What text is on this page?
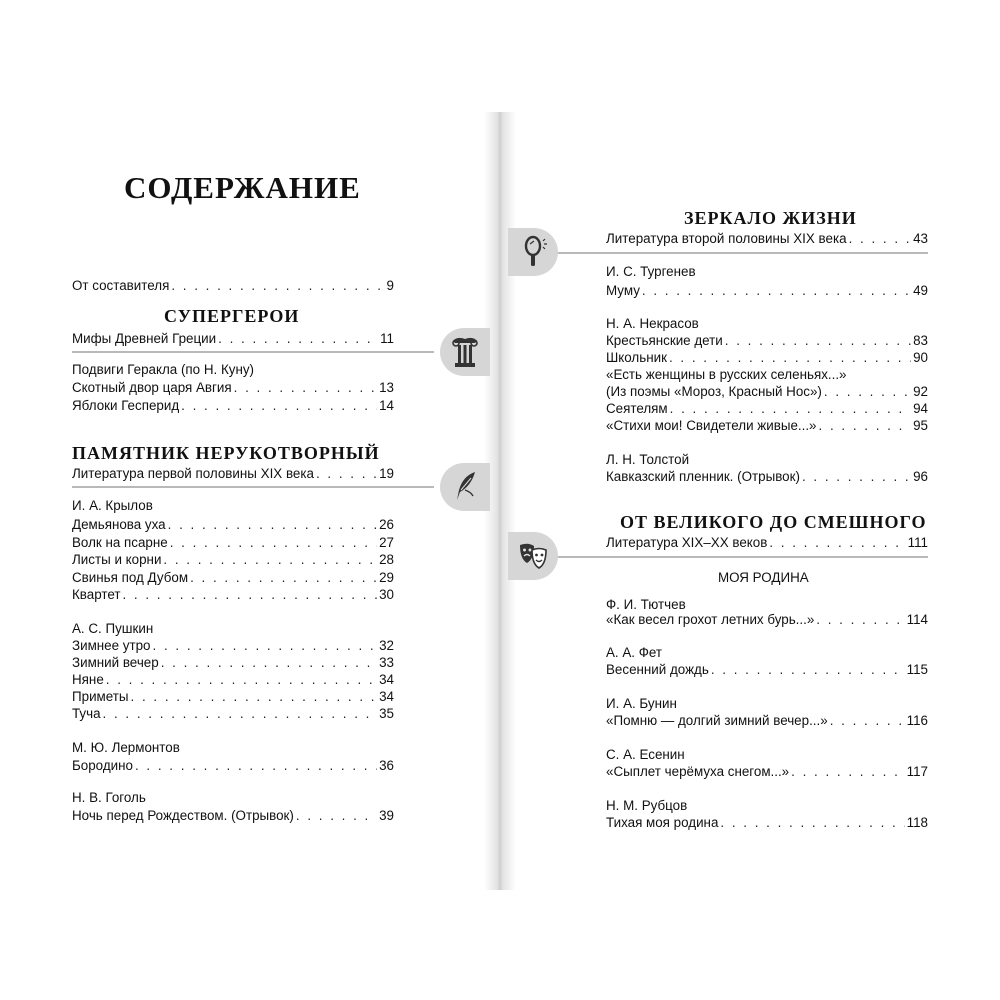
СОДЕРЖАНИЕ
От составителя . . .	9
СУПЕРГЕРОИ
Мифы Древней Греции . . .	11
Подвиги Геракла (по Н. Куну)
Скотный двор царя Авгия . . .	13
Яблоки Гесперид . . .	14
ПАМЯТНИК НЕРУКОТВОРНЫЙ
Литература первой половины XIX века . . .	19
И. А. Крылов
Демьянова уха . . .	26
Волк на псарне . . .	27
Листы и корни . . .	28
Свинья под Дубом . . .	29
Квартет . . .	30
А. С. Пушкин
Зимнее утро . . .	32
Зимний вечер . . .	33
Няне . . .	34
Приметы . . .	34
Туча . . .	35
М. Ю. Лермонтов
Бородино . . .	36
Н. В. Гоголь
Ночь перед Рождеством. (Отрывок) . . .	39
ЗЕРКАЛО ЖИЗНИ
Литература второй половины XIX века . . .	43
И. С. Тургенев
Муму . . .	49
Н. А. Некрасов
Крестьянские дети . . .	83
Школьник . . .	90
«Есть женщины в русских селеньях...»
(Из поэмы «Мороз, Красный Нос») . . .	92
Сеятелям . . .	94
«Стихи мои! Свидетели живые...» . . .	95
Л. Н. Толстой
Кавказский пленник. (Отрывок) . . .	96
ОТ ВЕЛИКОГО ДО СМЕШНОГО
Литература XIX–XX веков . . .	111
МОЯ РОДИНА
Ф. И. Тютчев
«Как весел грохот летних бурь...» . . .	114
А. А. Фет
Весенний дождь . . .	115
И. А. Бунин
«Помню — долгий зимний вечер...» . . .	116
С. А. Есенин
«Сыплет черёмуха снегом...» . . .	117
Н. М. Рубцов
Тихая моя родина . . .	118
